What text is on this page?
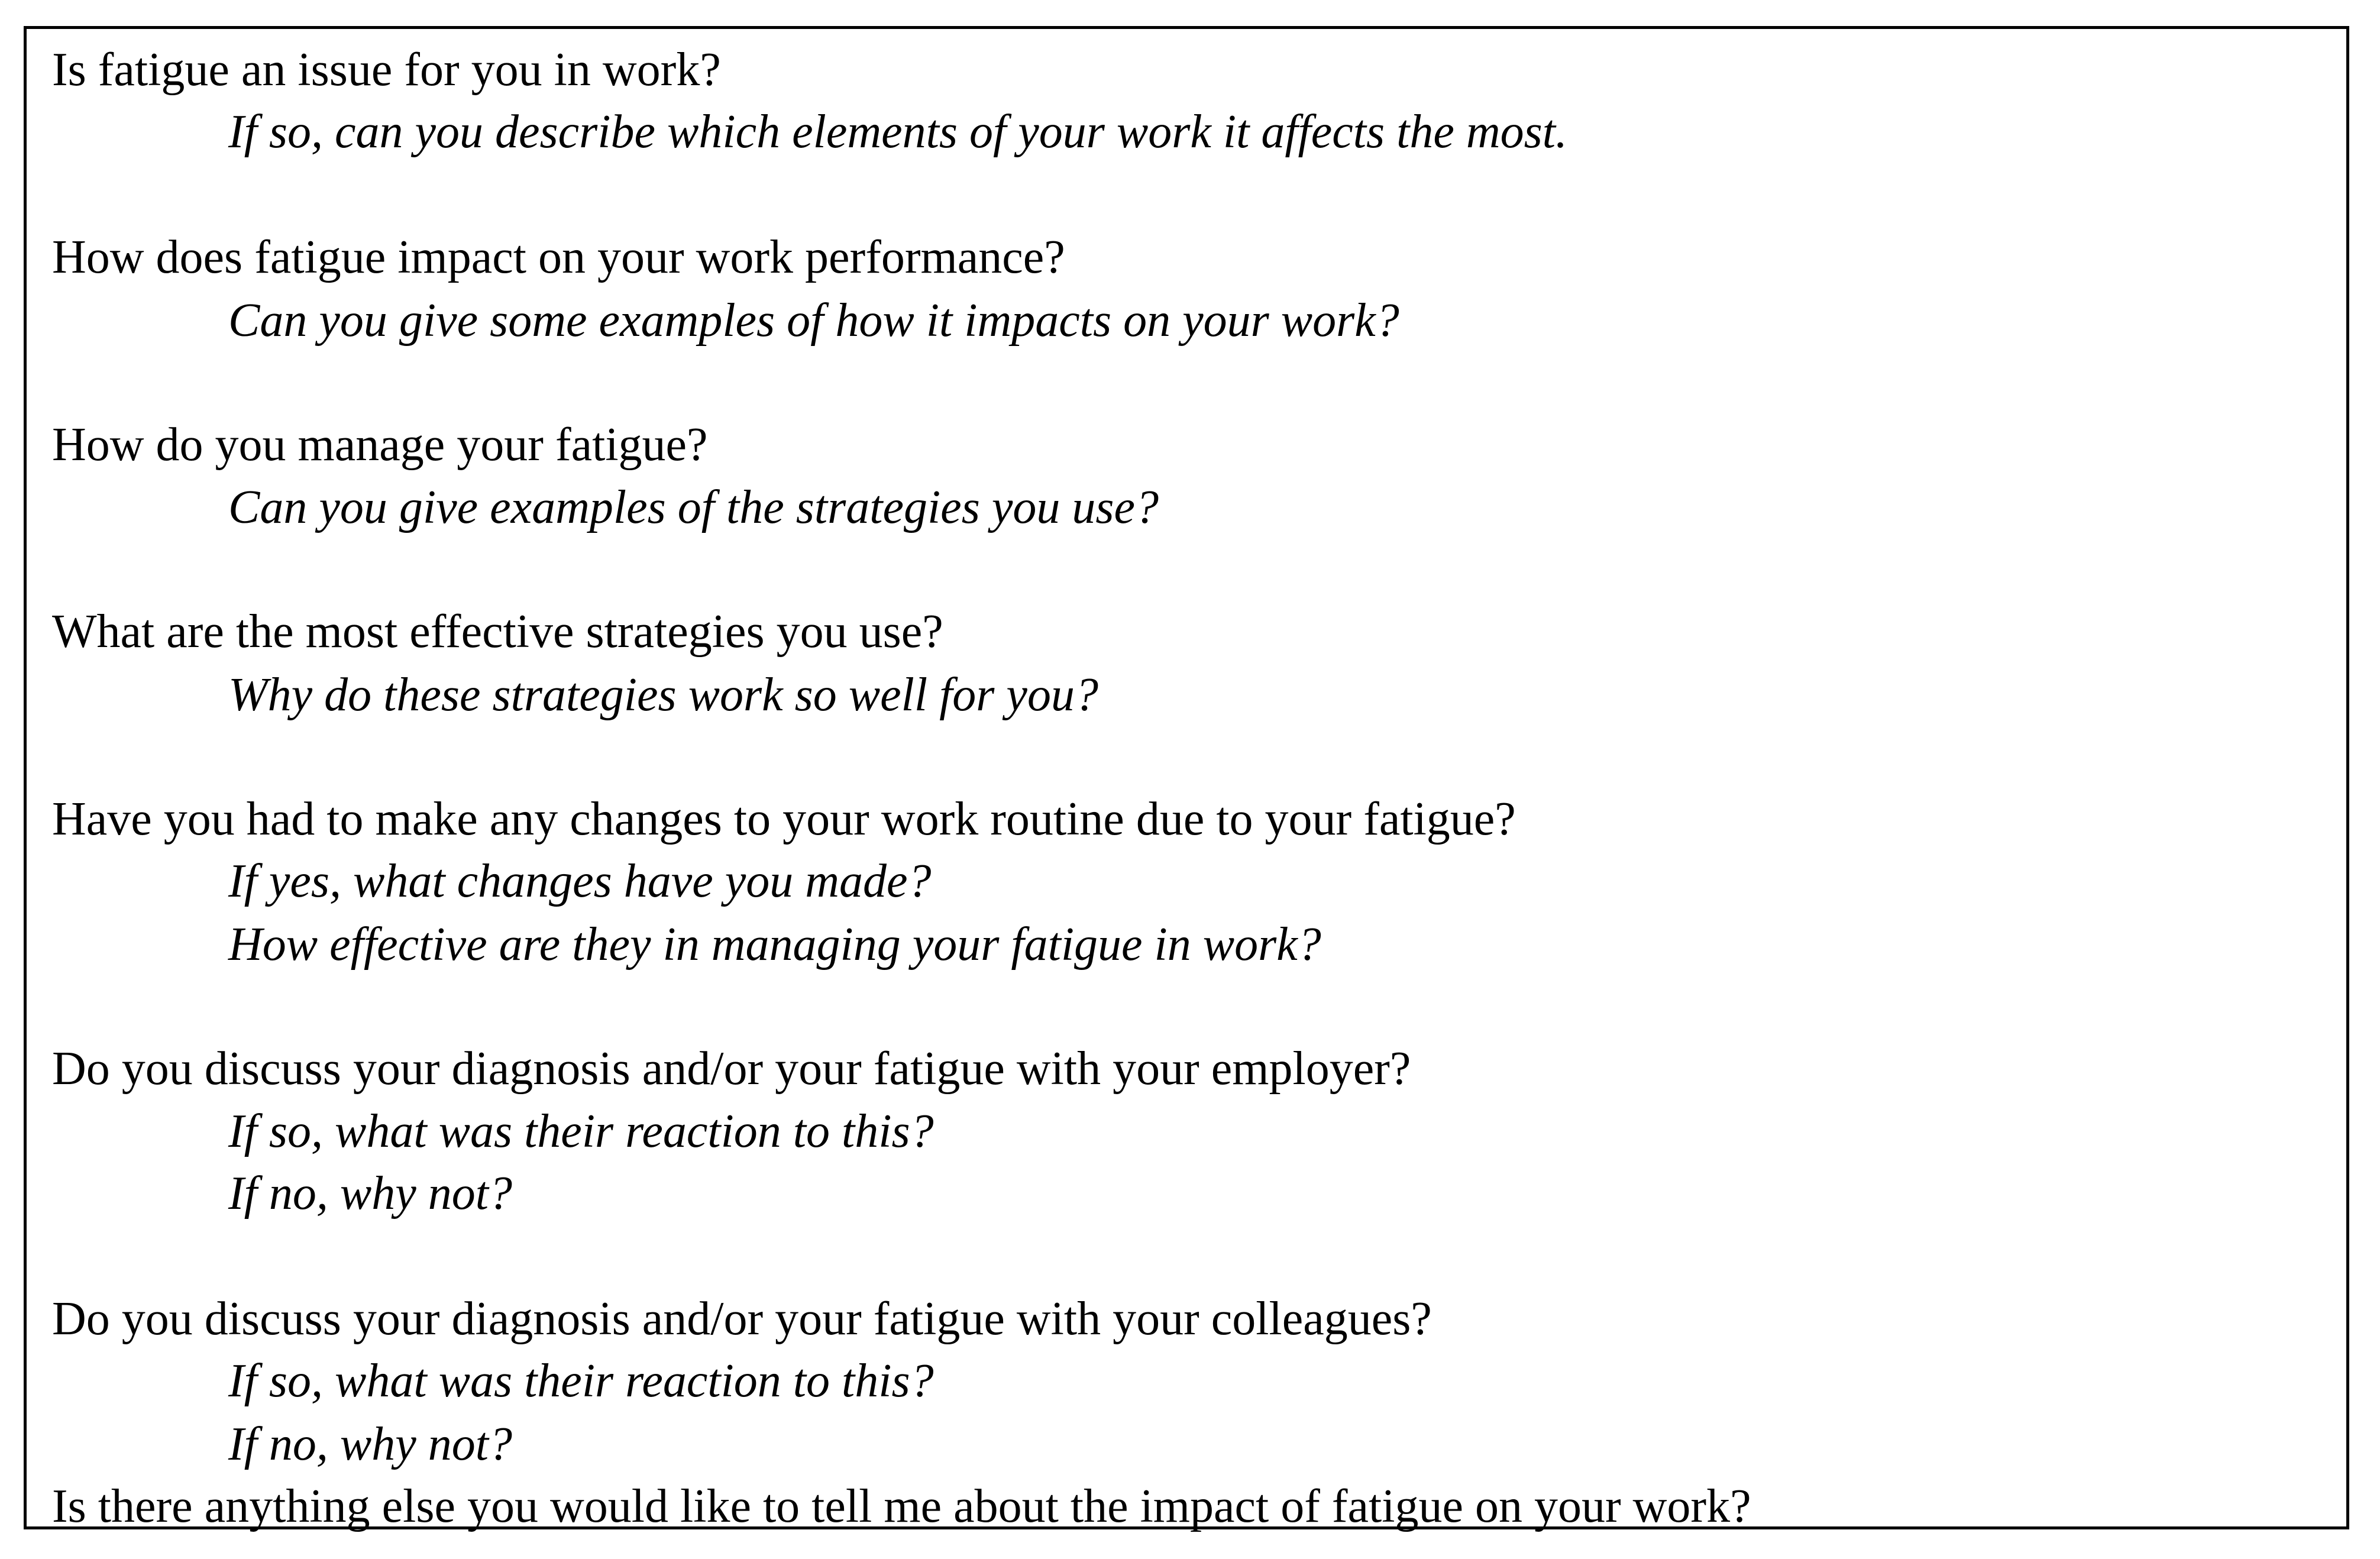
Is fatigue an issue for you in work?
If so, can you describe which elements of your work it affects the most.
How does fatigue impact on your work performance?
Can you give some examples of how it impacts on your work?
How do you manage your fatigue?
Can you give examples of the strategies you use?
What are the most effective strategies you use?
Why do these strategies work so well for you?
Have you had to make any changes to your work routine due to your fatigue?
If yes, what changes have you made?
How effective are they in managing your fatigue in work?
Do you discuss your diagnosis and/or your fatigue with your employer?
If so, what was their reaction to this?
If no, why not?
Do you discuss your diagnosis and/or your fatigue with your colleagues?
If so, what was their reaction to this?
If no, why not?
Is there anything else you would like to tell me about the impact of fatigue on your work?
